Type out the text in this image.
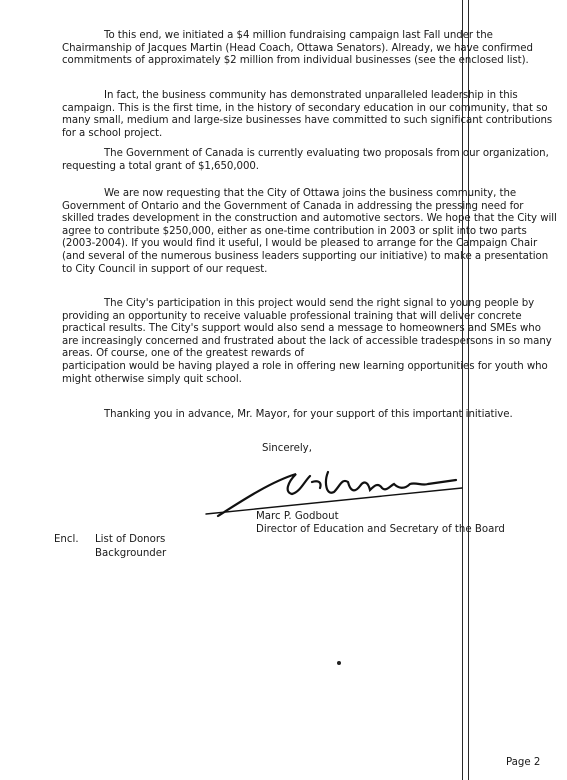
To this end, we initiated a $4 million fundraising campaign last Fall under the
Chairmanship of Jacques Martin (Head Coach, Ottawa Senators). Already, we have confirmed
commitments of approximately $2 million from individual businesses (see the enclosed list).
In fact, the business community has demonstrated unparalleled leadership in this
campaign. This is the first time, in the history of secondary education in our community, that so
many small, medium and large-size businesses have committed to such significant contributions
for a school project.
The Government of Canada is currently evaluating two proposals from our organization,
requesting a total grant of $1,650,000.
We are now requesting that the City of Ottawa joins the business community, the
Government of Ontario and the Government of Canada in addressing the pressing need for
skilled trades development in the construction and automotive sectors. We hope that the City will
agree to contribute $250,000, either as one-time contribution in 2003 or split into two parts
(2003-2004). If you would find it useful, I would be pleased to arrange for the Campaign Chair
(and several of the numerous business leaders supporting our initiative) to make a presentation
to City Council in support of our request.
The City's participation in this project would send the right signal to young people by
providing an opportunity to receive valuable professional training that will deliver concrete
practical results. The City's support would also send a message to homeowners and SMEs who
are increasingly concerned and frustrated about the lack of accessible tradespersons in so many
areas. Of course, one of the greatest rewards of
participation would be having played a role in offering new learning opportunities for youth who
might otherwise simply quit school.
Thanking you in advance, Mr. Mayor, for your support of this important initiative.
Sincerely,
Marc P. Godbout
Director of Education and Secretary of the Board
Encl. List of Donors
Backgrounder
Page 2
